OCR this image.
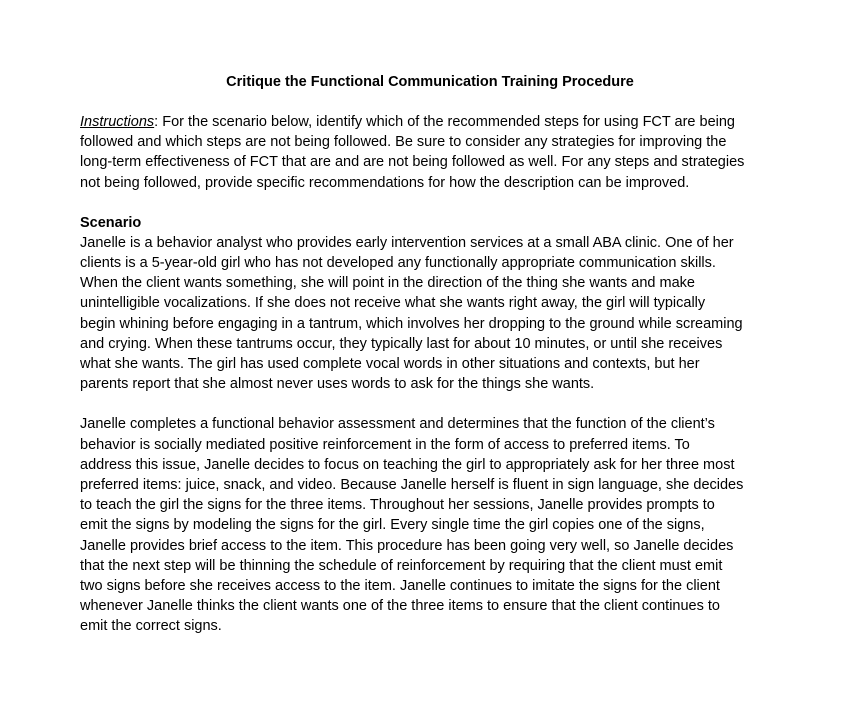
Critique the Functional Communication Training Procedure
Instructions: For the scenario below, identify which of the recommended steps for using FCT are being
followed and which steps are not being followed. Be sure to consider any strategies for improving the
long-term effectiveness of FCT that are and are not being followed as well. For any steps and strategies
not being followed, provide specific recommendations for how the description can be improved.
Scenario
Janelle is a behavior analyst who provides early intervention services at a small ABA clinic. One of her
clients is a 5-year-old girl who has not developed any functionally appropriate communication skills.
When the client wants something, she will point in the direction of the thing she wants and make
unintelligible vocalizations. If she does not receive what she wants right away, the girl will typically
begin whining before engaging in a tantrum, which involves her dropping to the ground while screaming
and crying. When these tantrums occur, they typically last for about 10 minutes, or until she receives
what she wants. The girl has used complete vocal words in other situations and contexts, but her
parents report that she almost never uses words to ask for the things she wants.
Janelle completes a functional behavior assessment and determines that the function of the client’s
behavior is socially mediated positive reinforcement in the form of access to preferred items. To
address this issue, Janelle decides to focus on teaching the girl to appropriately ask for her three most
preferred items: juice, snack, and video. Because Janelle herself is fluent in sign language, she decides
to teach the girl the signs for the three items. Throughout her sessions, Janelle provides prompts to
emit the signs by modeling the signs for the girl. Every single time the girl copies one of the signs,
Janelle provides brief access to the item. This procedure has been going very well, so Janelle decides
that the next step will be thinning the schedule of reinforcement by requiring that the client must emit
two signs before she receives access to the item. Janelle continues to imitate the signs for the client
whenever Janelle thinks the client wants one of the three items to ensure that the client continues to
emit the correct signs.
